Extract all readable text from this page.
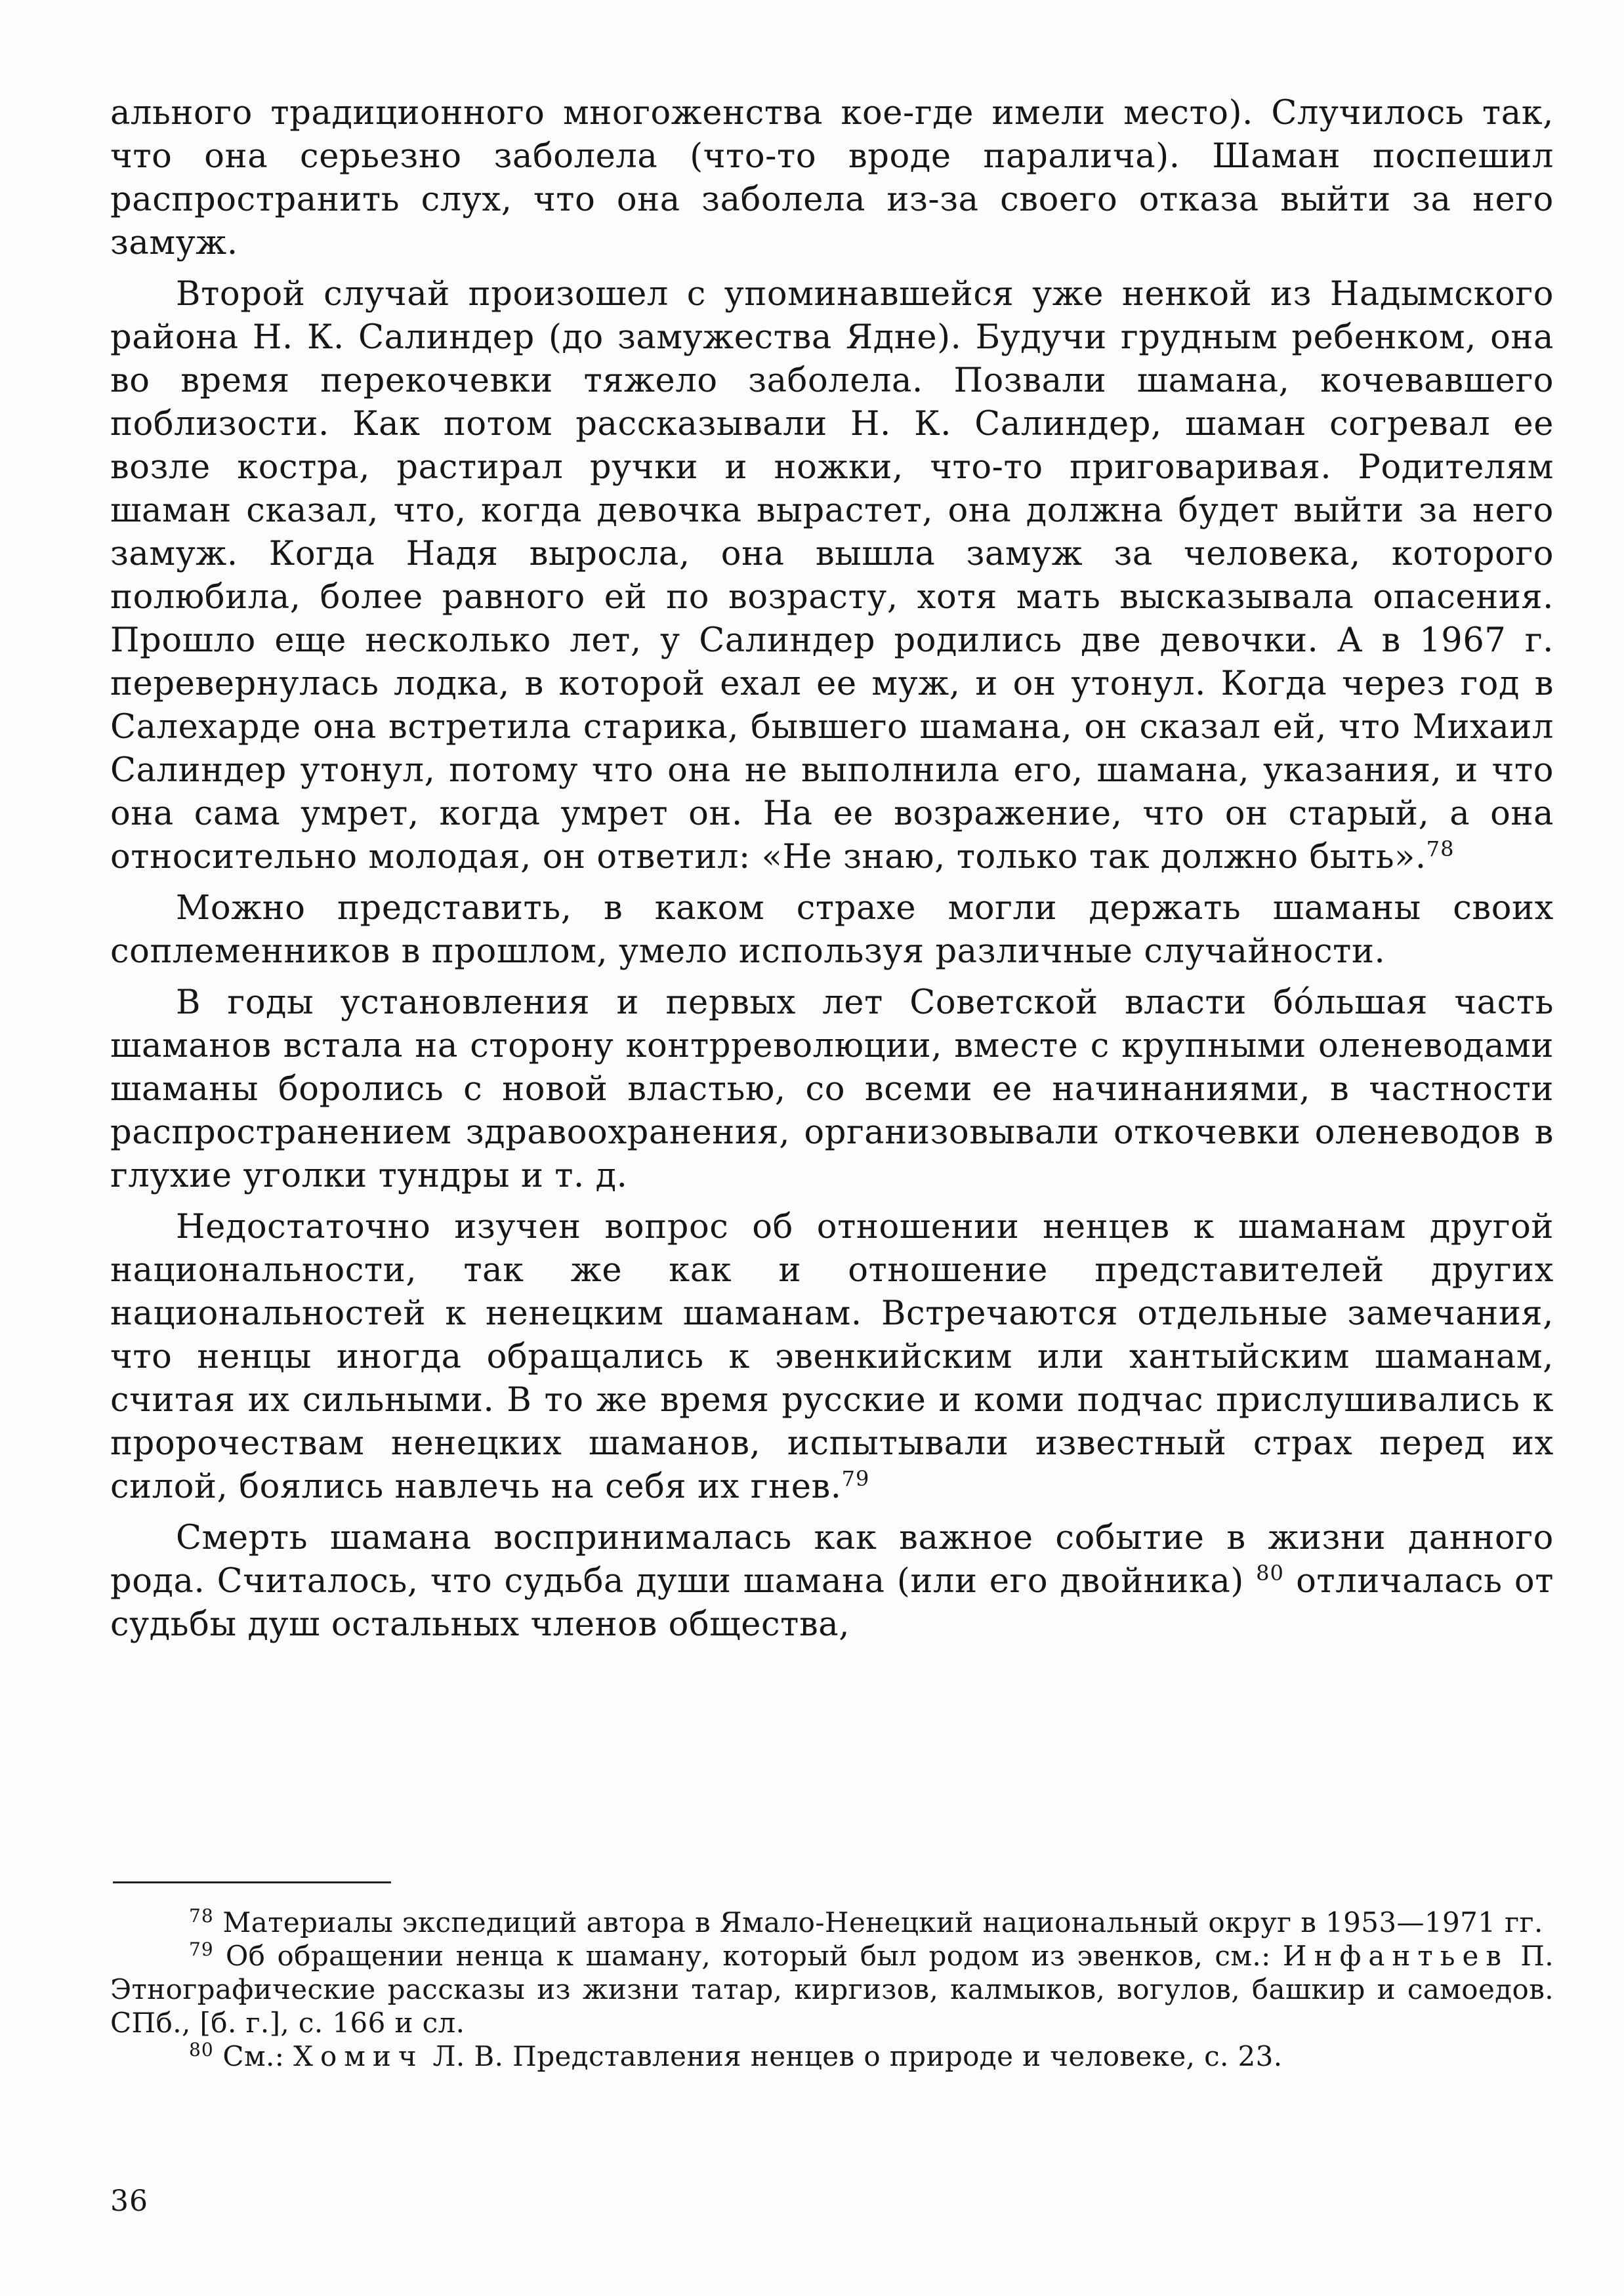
ального традиционного многоженства кое-где имели место). Случилось так, что она серьезно заболела (что-то вроде паралича). Шаман поспешил распространить слух, что она заболела из-за своего отказа выйти за него замуж.

Второй случай произошел с упоминавшейся уже ненкой из Надымского района Н. К. Салиндер (до замужества Ядне). Будучи грудным ребенком, она во время перекочевки тяжело заболела. Позвали шамана, кочевавшего поблизости. Как потом рассказывали Н. К. Салиндер, шаман согревал ее возле костра, растирал ручки и ножки, что-то приговаривая. Родителям шаман сказал, что, когда девочка вырастет, она должна будет выйти за него замуж. Когда Надя выросла, она вышла замуж за человека, которого полюбила, более равного ей по возрасту, хотя мать высказывала опасения. Прошло еще несколько лет, у Салиндер родились две девочки. А в 1967 г. перевернулась лодка, в которой ехал ее муж, и он утонул. Когда через год в Салехарде она встретила старика, бывшего шамана, он сказал ей, что Михаил Салиндер утонул, потому что она не выполнила его, шамана, указания, и что она сама умрет, когда умрет он. На ее возражение, что он старый, а она относительно молодая, он ответил: «Не знаю, только так должно быть».$^{78}$

Можно представить, в каком страхе могли держать шаманы своих соплеменников в прошлом, умело используя различные случайности.

В годы установления и первых лет Советской власти бо́льшая часть шаманов встала на сторону контрреволюции, вместе с крупными оленеводами шаманы боролись с новой властью, со всеми ее начинаниями, в частности распространением здравоохранения, организовывали откочевки оленеводов в глухие уголки тундры и т. д.

Недостаточно изучен вопрос об отношении ненцев к шаманам другой национальности, так же как и отношение представителей других национальностей к ненецким шаманам. Встречаются отдельные замечания, что ненцы иногда обращались к эвенкийским или хантыйским шаманам, считая их сильными. В то же время русские и коми подчас прислушивались к пророчествам ненецких шаманов, испытывали известный страх перед их силой, боялись навлечь на себя их гнев.$^{79}$

Смерть шамана воспринималась как важное событие в жизни данного рода. Считалось, что судьба души шамана (или его двойника) $^{80}$ отличалась от судьбы душ остальных членов общества,

$^{78}$ Материалы экспедиций автора в Ямало-Ненецкий национальный округ в 1953—1971 гг.

$^{79}$ Об обращении ненца к шаману, который был родом из эвенков, см.: Инфантьев П. Этнографические рассказы из жизни татар, киргизов, калмыков, вогулов, башкир и самоедов. СПб., [б. г.], с. 166 и сл.

$^{80}$ См.: Хомич Л. В. Представления ненцев о природе и человеке, с. 23.

36
